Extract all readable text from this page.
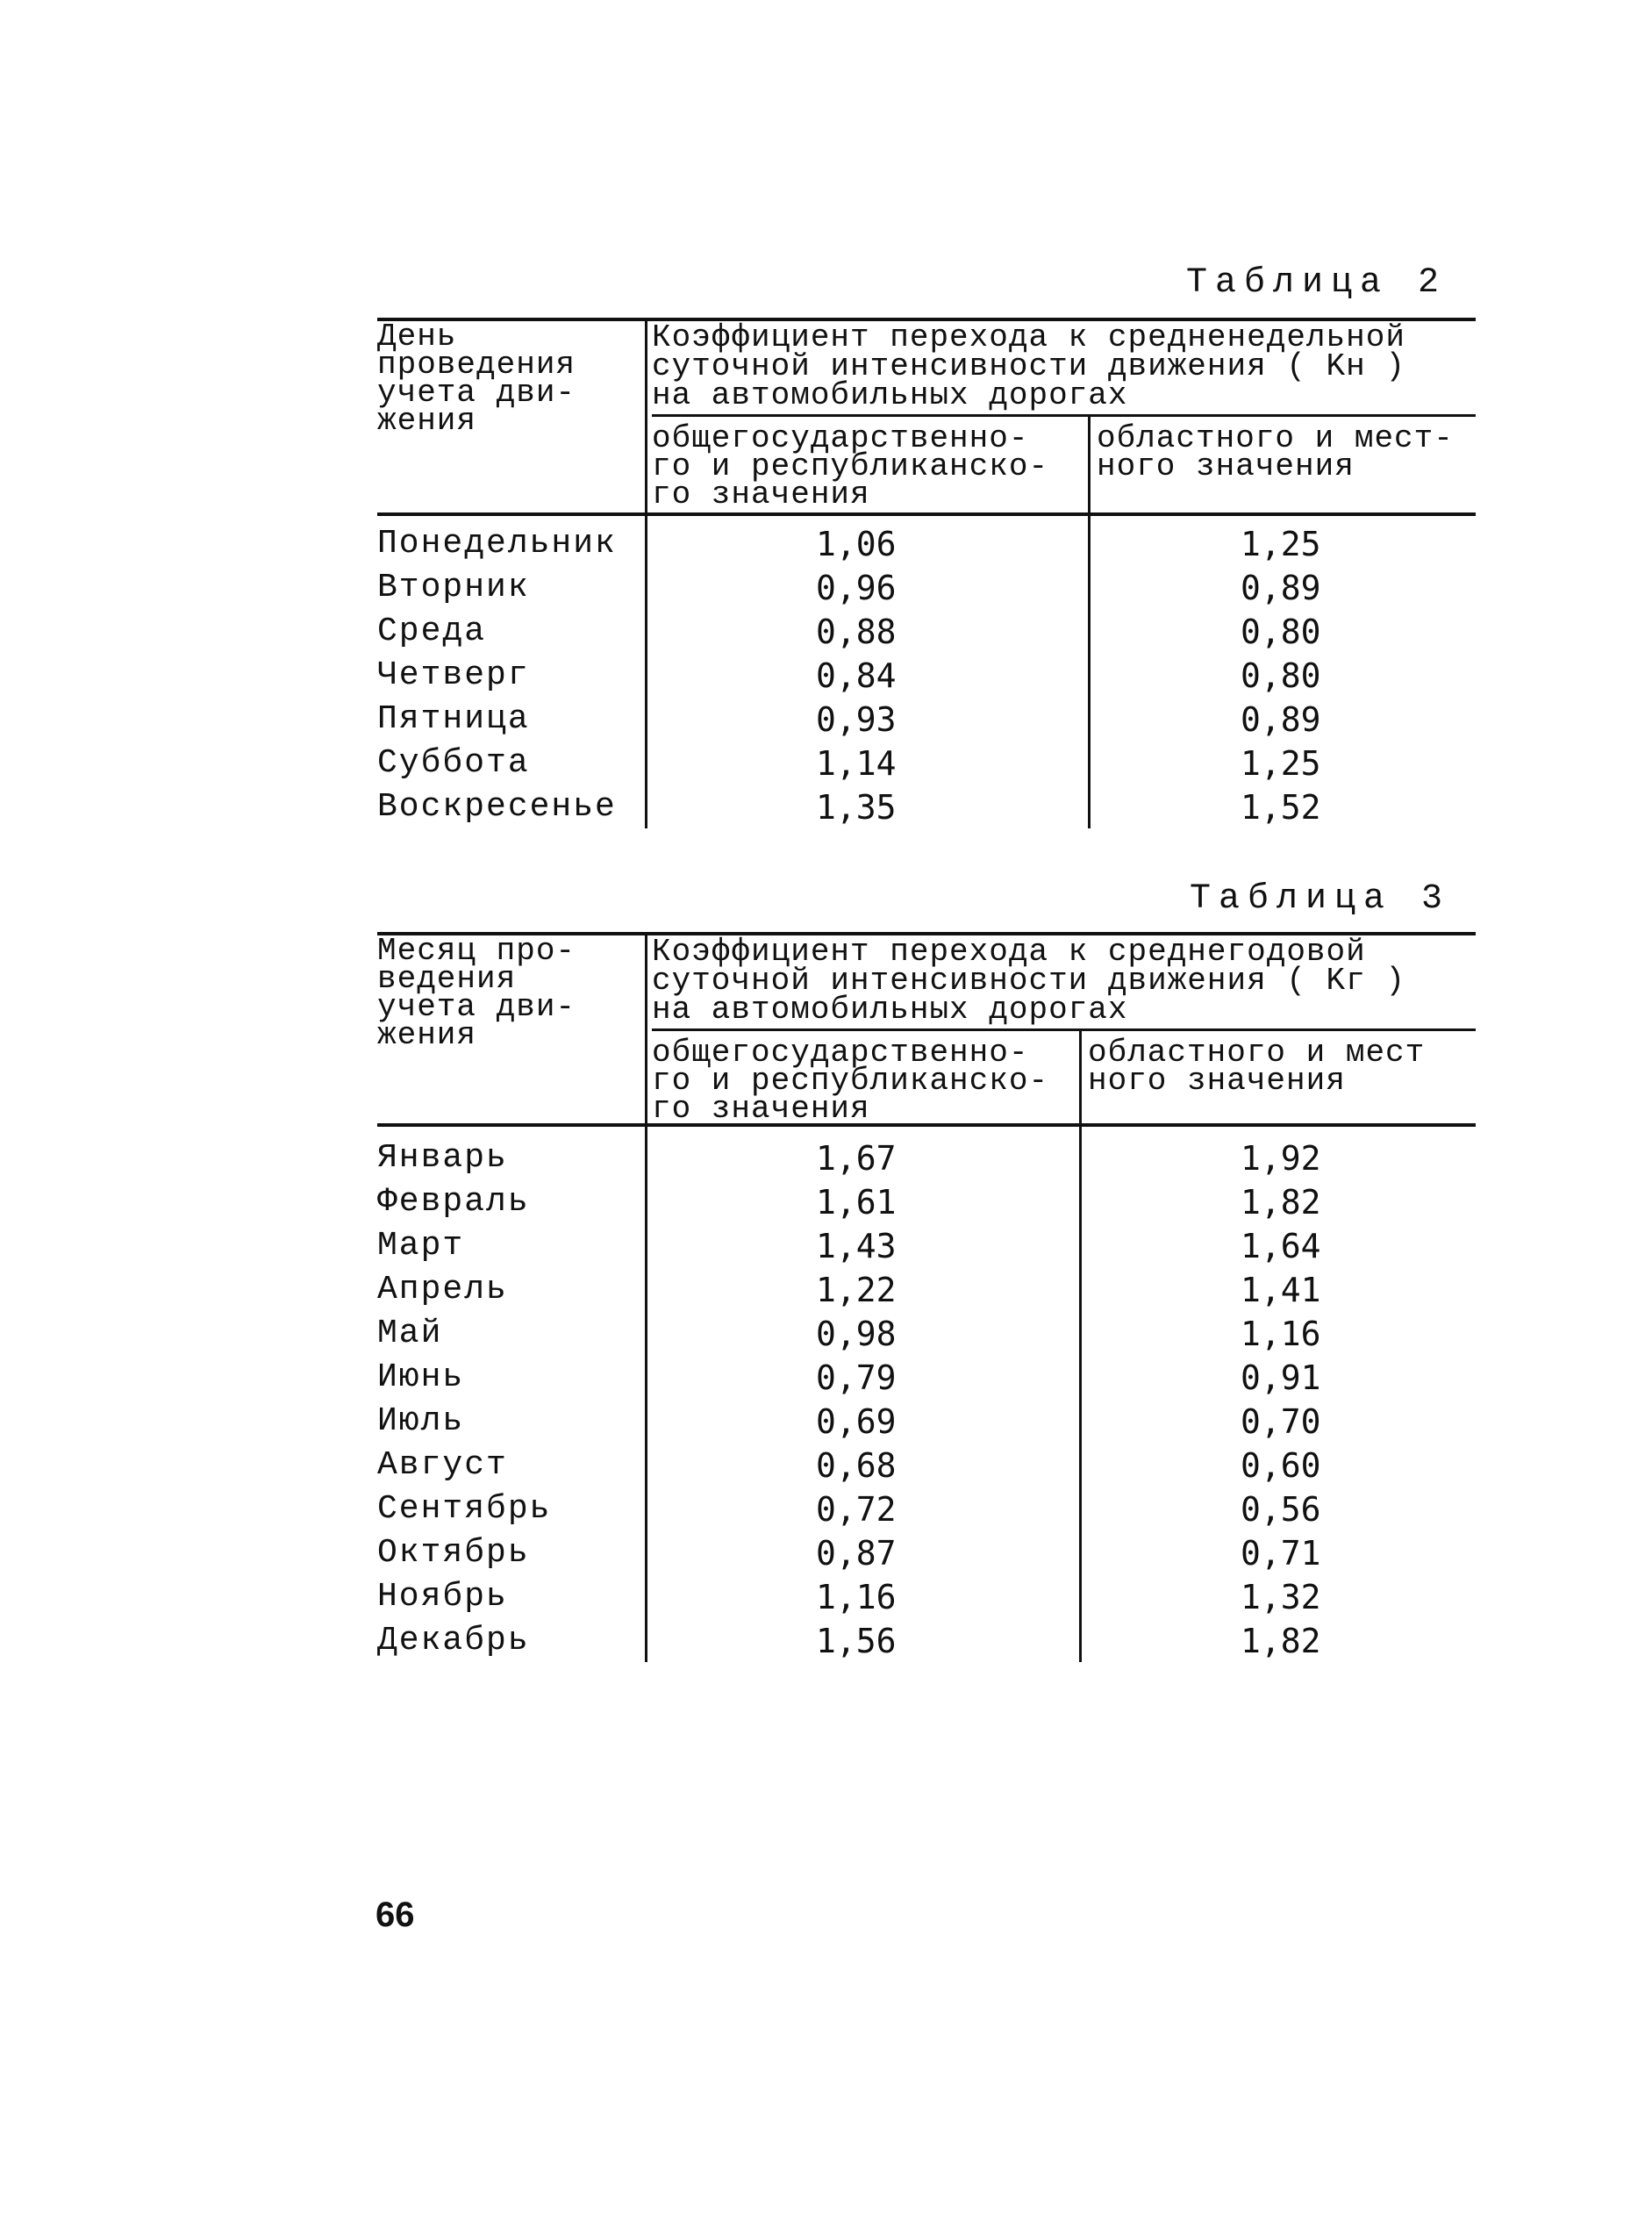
Таблица 2
День
проведения
учета дви-
жения
Коэффициент перехода к средненедельной
суточной интенсивности движения ( Kн )
на автомобильных дорогах
общегосударственно-
го и республиканско-
го значения
областного и мест-
ного значения
Понедельник	1,06	1,25
Вторник	0,96	0,89
Среда	0,88	0,80
Четверг	0,84	0,80
Пятница	0,93	0,89
Суббота	1,14	1,25
Воскресенье	1,35	1,52
Таблица 3
Месяц про-
ведения
учета дви-
жения
Коэффициент перехода к среднегодовой
суточной интенсивности движения ( Kг )
на автомобильных дорогах
общегосударственно-
го и республиканско-
го значения
областного и мест
ного значения
Январь	1,67	1,92
Февраль	1,61	1,82
Март	1,43	1,64
Апрель	1,22	1,41
Май	0,98	1,16
Июнь	0,79	0,91
Июль	0,69	0,70
Август	0,68	0,60
Сентябрь	0,72	0,56
Октябрь	0,87	0,71
Ноябрь	1,16	1,32
Декабрь	1,56	1,82
66
